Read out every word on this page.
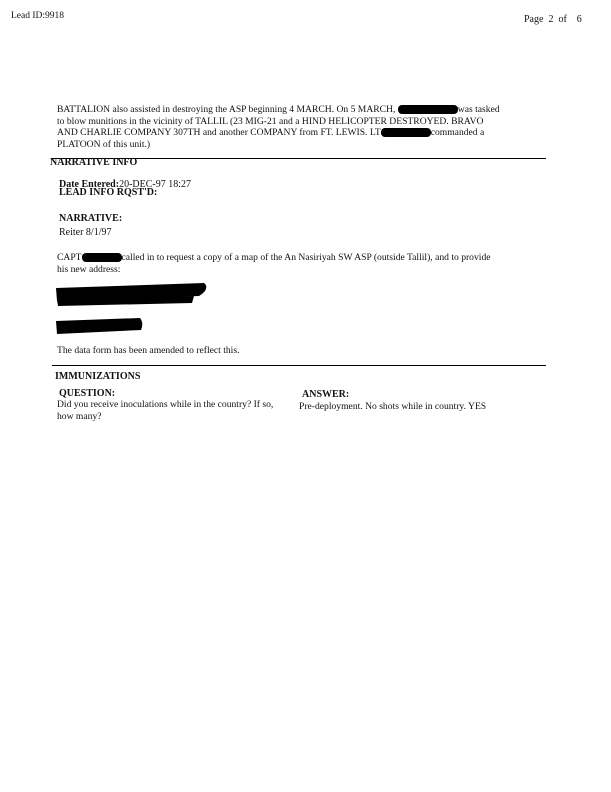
Lead ID:9918	Page 2 of 6
BATTALION also assisted in destroying the ASP beginning 4 MARCH. On 5 MARCH,	was tasked
to blow munitions in the vicinity of TALLIL (23 MIG-21 and a HIND HELICOPTER DESTROYED. BRAVO
AND CHARLIE COMPANY 307TH and another COMPANY from FT. LEWIS. LT	commanded a
PLATOON of this unit.)
NARRATIVE INFO
Date Entered:20-DEC-97 18:27
LEAD INFO RQST'D:
NARRATIVE:
Reiter 8/1/97
CAPT	called in to request a copy of a map of the An Nasiriyah SW ASP (outside Tallil), and to provide
his new address:
The data form has been amended to reflect this.
IMMUNIZATIONS
QUESTION:
Did you receive inoculations while in the country? If so,
how many?
ANSWER:
Pre-deployment. No shots while in country. YES
